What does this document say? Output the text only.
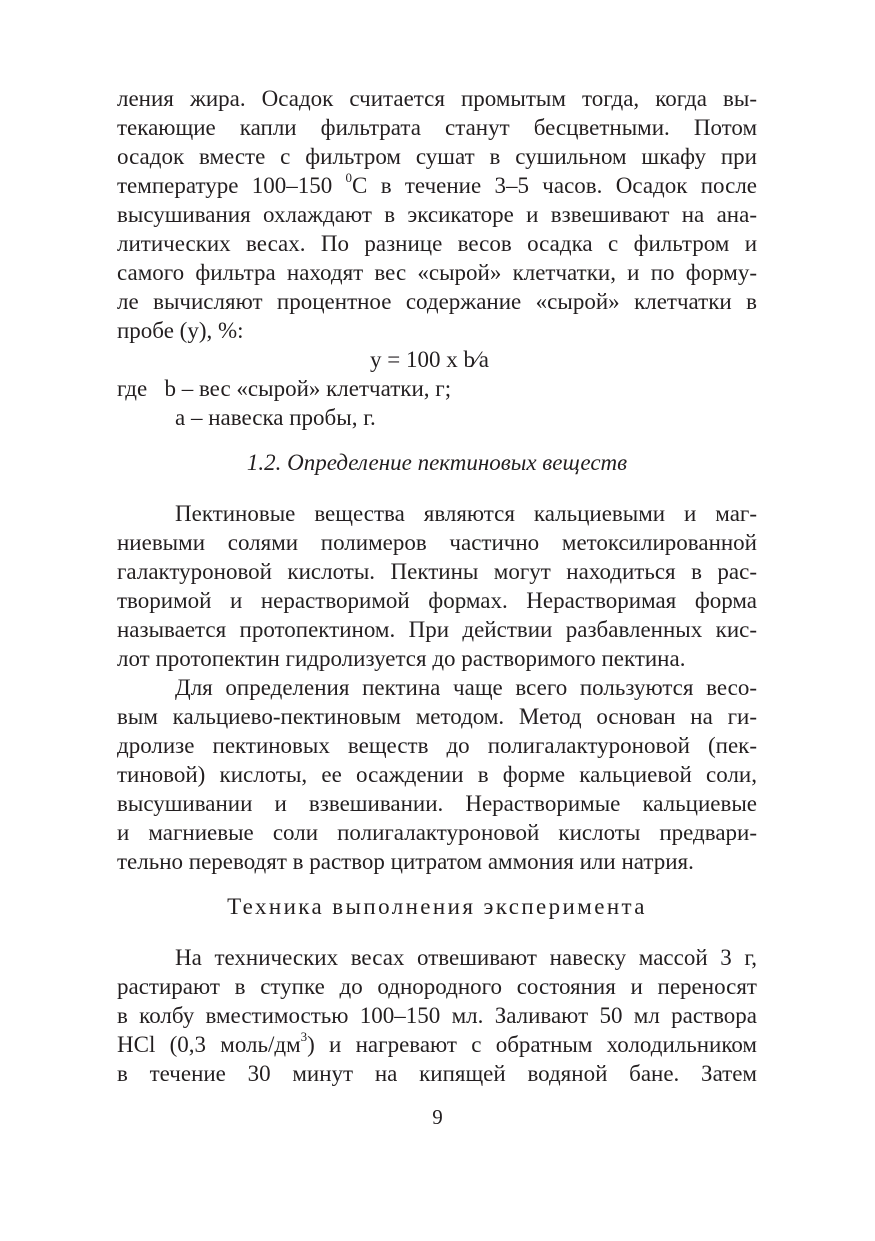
ления жира. Осадок считается промытым тогда, когда вы-
текающие капли фильтрата станут бесцветными. Потом
осадок вместе с фильтром сушат в сушильном шкафу при
температуре 100–150 $^0$С в течение 3–5 часов. Осадок после
высушивания охлаждают в эксикаторе и взвешивают на ана-
литических весах. По разнице весов осадка с фильтром и
самого фильтра находят вес «сырой» клетчатки, и по форму-
ле вычисляют процентное содержание «сырой» клетчатки в
пробе (у), %:
у = 100 х b⁄a
где   b – вес «сырой» клетчатки, г;
a – навеска пробы, г.
1.2. Определение пектиновых веществ
Пектиновые вещества являются кальциевыми и маг-
ниевыми солями полимеров частично метоксилированной
галактуроновой кислоты. Пектины могут находиться в рас-
творимой и нерастворимой формах. Нерастворимая форма
называется протопектином. При действии разбавленных кис-
лот протопектин гидролизуется до растворимого пектина.
Для определения пектина чаще всего пользуются весо-
вым кальциево-пектиновым методом. Метод основан на ги-
дролизе пектиновых веществ до полигалактуроновой (пек-
тиновой) кислоты, ее осаждении в форме кальциевой соли,
высушивании и взвешивании. Нерастворимые кальциевые
и магниевые соли полигалактуроновой кислоты предвари-
тельно переводят в раствор цитратом аммония или натрия.
Техника выполнения эксперимента
На технических весах отвешивают навеску массой 3 г,
растирают в ступке до однородного состояния и переносят
в колбу вместимостью 100–150 мл. Заливают 50 мл раствора
HCl (0,3 моль/$дм^3$) и нагревают с обратным холодильником
в течение 30 минут на кипящей водяной бане. Затем
9
